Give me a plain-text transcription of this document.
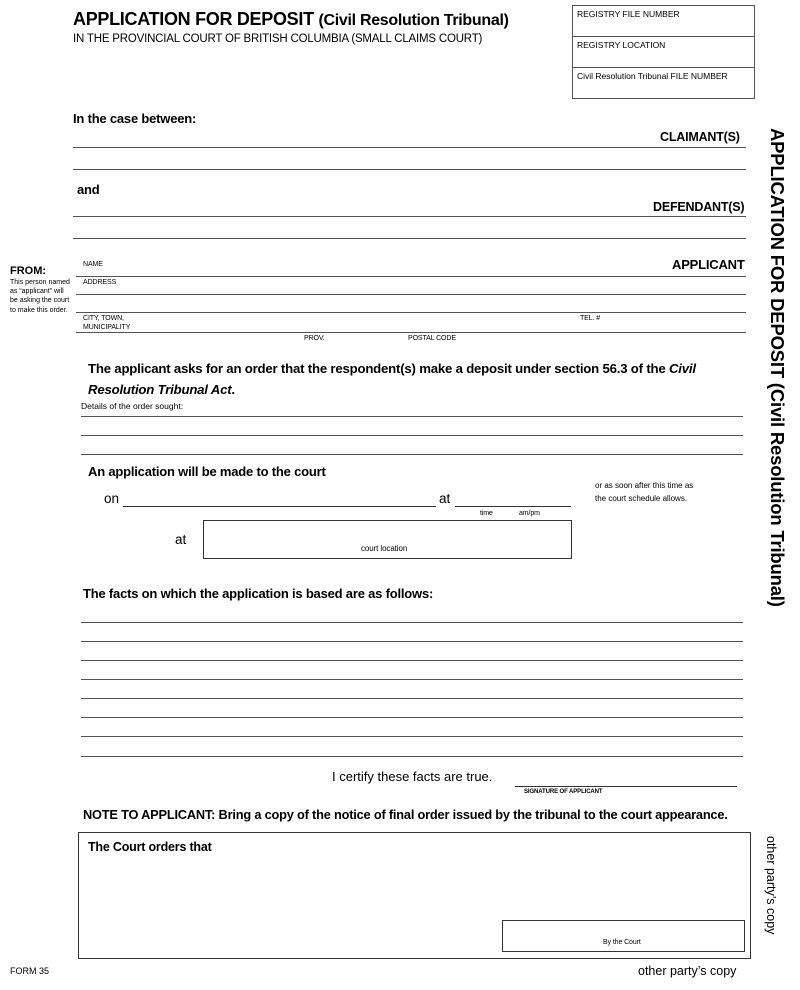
APPLICATION FOR DEPOSIT (Civil Resolution Tribunal)
IN THE PROVINCIAL COURT OF BRITISH COLUMBIA (SMALL CLAIMS COURT)
REGISTRY FILE NUMBER
REGISTRY LOCATION
Civil Resolution Tribunal FILE NUMBER
APPLICATION FOR DEPOSIT (Civil Resolution Tribunal)
In the case between:
CLAIMANT(S)
and
DEFENDANT(S)
FROM:
This person named as “applicant” will be asking the court to make this order.
NAME	APPLICANT
ADDRESS
CITY, TOWN,
MUNICIPALITY
TEL. #
PROV.	POSTAL CODE
The applicant asks for an order that the respondent(s) make a deposit under section 56.3 of the Civil
Resolution Tribunal Act.
Details of the order sought:
An application will be made to the court
on	at
time	am/pm
or as soon after this time as
the court schedule allows.
at
court location
The facts on which the application is based are as follows:
I certify these facts are true.
SIGNATURE OF APPLICANT
NOTE TO APPLICANT: Bring a copy of the notice of final order issued by the tribunal to the court appearance.
The Court orders that
By the Court
other party’s copy
FORM 35	other party’s copy
